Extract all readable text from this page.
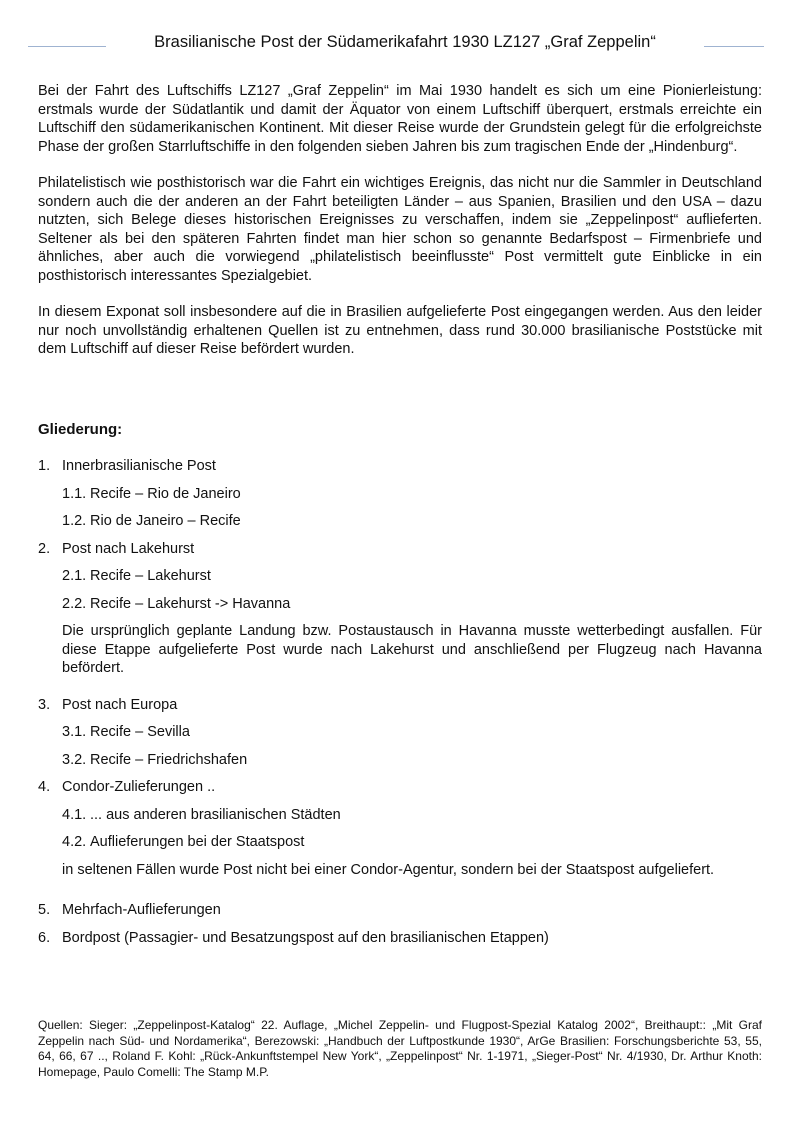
Brasilianische Post der Südamerikafahrt 1930 LZ127 „Graf Zeppelin“

Bei der Fahrt des Luftschiffs LZ127 „Graf Zeppelin“ im Mai 1930 handelt es sich um eine Pionierleistung: erstmals wurde der Südatlantik und damit der Äquator von einem Luftschiff überquert, erstmals erreichte ein Luftschiff den südamerikanischen Kontinent. Mit dieser Reise wurde der Grundstein gelegt für die erfolgreichste Phase der großen Starrluftschiffe in den folgenden sieben Jahren bis zum tragischen Ende der „Hindenburg“.

Philatelistisch wie posthistorisch war die Fahrt ein wichtiges Ereignis, das nicht nur die Sammler in Deutschland sondern auch die der anderen an der Fahrt beteiligten Länder – aus Spanien, Brasilien und den USA – dazu nutzten, sich Belege dieses historischen Ereignisses zu verschaffen, indem sie „Zeppelinpost“ auflieferten. Seltener als bei den späteren Fahrten findet man hier schon so genannte Bedarfspost – Firmenbriefe und ähnliches, aber auch die vorwiegend „philatelistisch beeinflusste“ Post vermittelt gute Einblicke in ein posthistorisch interessantes Spezialgebiet.

In diesem Exponat soll insbesondere auf die in Brasilien aufgelieferte Post eingegangen werden. Aus den leider nur noch unvollständig erhaltenen Quellen ist zu entnehmen, dass rund 30.000 brasilianische Poststücke mit dem Luftschiff auf dieser Reise befördert wurden.

Gliederung:
1. Innerbrasilianische Post
1.1. Recife – Rio de Janeiro
1.2. Rio de Janeiro – Recife
2. Post nach Lakehurst
2.1. Recife – Lakehurst
2.2. Recife – Lakehurst -> Havanna
Die ursprünglich geplante Landung bzw. Postaustausch in Havanna musste wetterbedingt ausfallen. Für diese Etappe aufgelieferte Post wurde nach Lakehurst und anschließend per Flugzeug nach Havanna befördert.
3. Post nach Europa
3.1. Recife – Sevilla
3.2. Recife – Friedrichshafen
4. Condor-Zulieferungen ..
4.1. ... aus anderen brasilianischen Städten
4.2. Auflieferungen bei der Staatspost
in seltenen Fällen wurde Post nicht bei einer Condor-Agentur, sondern bei der Staatspost aufgeliefert.
5. Mehrfach-Auflieferungen
6. Bordpost (Passagier- und Besatzungspost auf den brasilianischen Etappen)
Quellen: Sieger: „Zeppelinpost-Katalog“ 22. Auflage, „Michel Zeppelin- und Flugpost-Spezial Katalog 2002“, Breithaupt:: „Mit Graf Zeppelin nach Süd- und Nordamerika“, Berezowski: „Handbuch der Luftpostkunde 1930“, ArGe Brasilien: Forschungsberichte 53, 55, 64, 66, 67 .., Roland F. Kohl: „Rück-Ankunftstempel New York“, „Zeppelinpost“ Nr. 1-1971, „Sieger-Post“ Nr. 4/1930, Dr. Arthur Knoth: Homepage, Paulo Comelli: The Stamp M.P.
